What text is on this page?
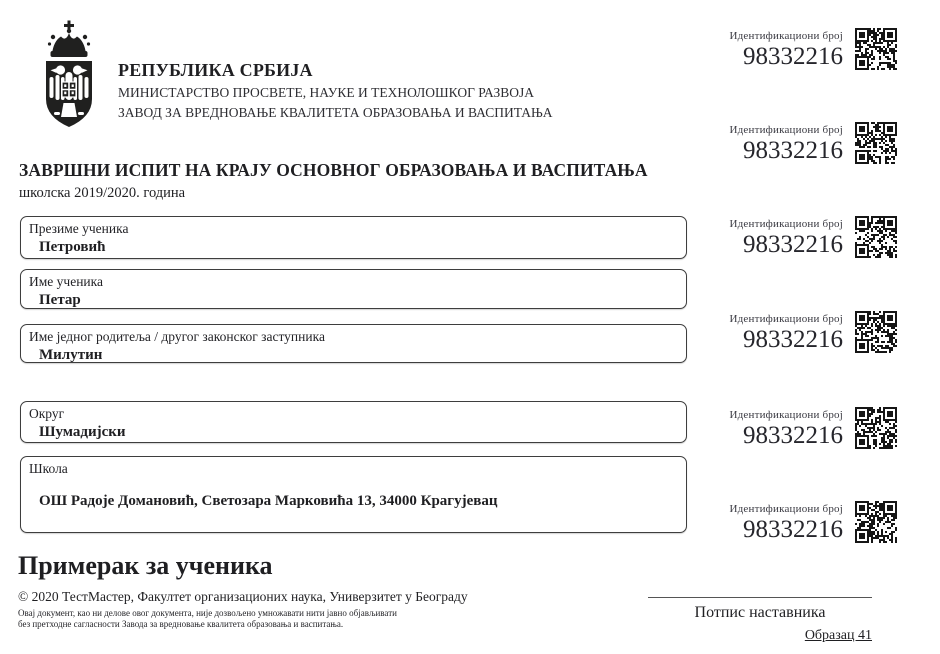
РЕПУБЛИКА СРБИЈА
МИНИСТАРСТВО ПРОСВЕТЕ, НАУКЕ И ТЕХНОЛОШКОГ РАЗВОЈА
ЗАВОД ЗА ВРЕДНОВАЊЕ КВАЛИТЕТА ОБРАЗОВАЊА И ВАСПИТАЊА
ЗАВРШНИ ИСПИТ НА КРАЈУ ОСНОВНОГ ОБРАЗОВАЊА И ВАСПИТАЊА
школска 2019/2020. година
Презиме ученика
Петровић
Име ученика
Петар
Име једног родитеља / другог законског заступника
Милутин
Округ
Шумадијски
Школа
ОШ Радоје Домановић, Светозара Марковића 13, 34000 Крагујевац
Идентификациони број
98332216
Идентификациони број
98332216
Идентификациони број
98332216
Идентификациони број
98332216
Идентификациони број
98332216
Идентификациони број
98332216
Примерак за ученика
© 2020 ТестМастер, Факултет организационих наука, Универзитет у Београду
Овај документ, као ни делове овог документа, није дозвољено умножавати нити јавно објављивати
без претходне сагласности Завода за вредновање квалитета образовања и васпитања.
Потпис наставника
Образац 41
